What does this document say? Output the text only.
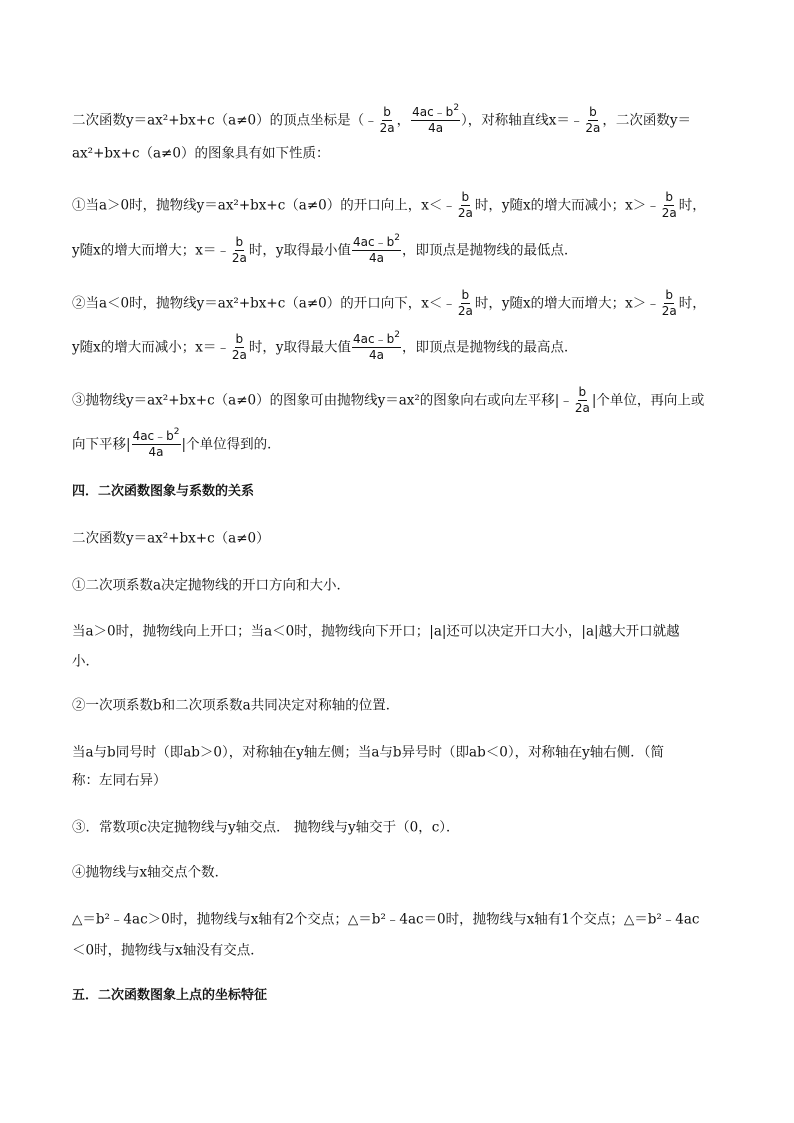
二次函数y＝ax²+bx+c（a≠0）的顶点坐标是（﹣ $\frac{b}{2a}$ ， $\frac{4ac﹣b^2}{4a}$ ），对称轴直线x＝﹣ $\frac{b}{2a}$ ，二次函数y＝
ax²+bx+c（a≠0）的图象具有如下性质：
①当a＞0时，抛物线y＝ax²+bx+c（a≠0）的开口向上，x＜﹣ $\frac{b}{2a}$ 时，y随x的增大而减小；x＞﹣ $\frac{b}{2a}$ 时，
y随x的增大而增大；x＝﹣ $\frac{b}{2a}$ 时，y取得最小值 $\frac{4ac﹣b^2}{4a}$ ，即顶点是抛物线的最低点．
②当a＜0时，抛物线y＝ax²+bx+c（a≠0）的开口向下，x＜﹣ $\frac{b}{2a}$ 时，y随x的增大而增大；x＞﹣ $\frac{b}{2a}$ 时，
y随x的增大而减小；x＝﹣ $\frac{b}{2a}$ 时，y取得最大值 $\frac{4ac﹣b^2}{4a}$ ，即顶点是抛物线的最高点．
③抛物线y＝ax²+bx+c（a≠0）的图象可由抛物线y＝ax²的图象向右或向左平移|﹣ $\frac{b}{2a}$ |个单位，再向上或
向下平移| $\frac{4ac﹣b^2}{4a}$ |个单位得到的．
四．二次函数图象与系数的关系
二次函数y＝ax²+bx+c（a≠0）
①二次项系数a决定抛物线的开口方向和大小．
当a＞0时，抛物线向上开口；当a＜0时，抛物线向下开口；|a|还可以决定开口大小，|a|越大开口就越
小．
②一次项系数b和二次项系数a共同决定对称轴的位置．
当a与b同号时（即ab＞0），对称轴在y轴左侧；当a与b异号时（即ab＜0），对称轴在y轴右侧．（简
称：左同右异）
③．常数项c决定抛物线与y轴交点． 抛物线与y轴交于（0，c）．
④抛物线与x轴交点个数．
△＝b²﹣4ac＞0时，抛物线与x轴有2个交点；△＝b²﹣4ac＝0时，抛物线与x轴有1个交点；△＝b²﹣4ac
＜0时，抛物线与x轴没有交点．
五．二次函数图象上点的坐标特征
